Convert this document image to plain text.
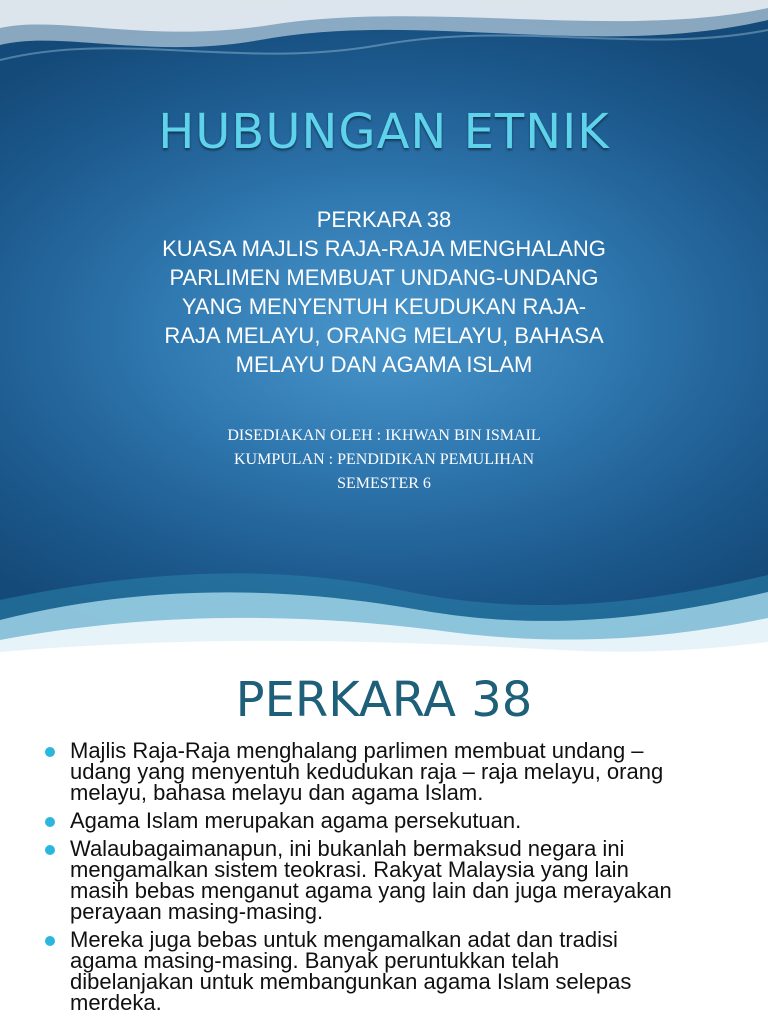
HUBUNGAN ETNIK
PERKARA 38
KUASA MAJLIS RAJA-RAJA MENGHALANG
PARLIMEN MEMBUAT UNDANG-UNDANG
YANG MENYENTUH KEUDUKAN RAJA-
RAJA MELAYU, ORANG MELAYU, BAHASA
MELAYU DAN AGAMA ISLAM
DISEDIAKAN OLEH : IKHWAN BIN ISMAIL
KUMPULAN : PENDIDIKAN PEMULIHAN
SEMESTER 6
PERKARA 38
Majlis Raja-Raja menghalang parlimen membuat undang –
udang yang menyentuh kedudukan raja – raja melayu, orang
melayu, bahasa melayu dan agama Islam.
Agama Islam merupakan agama persekutuan.
Walaubagaimanapun, ini bukanlah bermaksud negara ini
mengamalkan sistem teokrasi. Rakyat Malaysia yang lain
masih bebas menganut agama yang lain dan juga merayakan
perayaan masing-masing.
Mereka juga bebas untuk mengamalkan adat dan tradisi
agama masing-masing. Banyak peruntukkan telah
dibelanjakan untuk membangunkan agama Islam selepas
merdeka.
